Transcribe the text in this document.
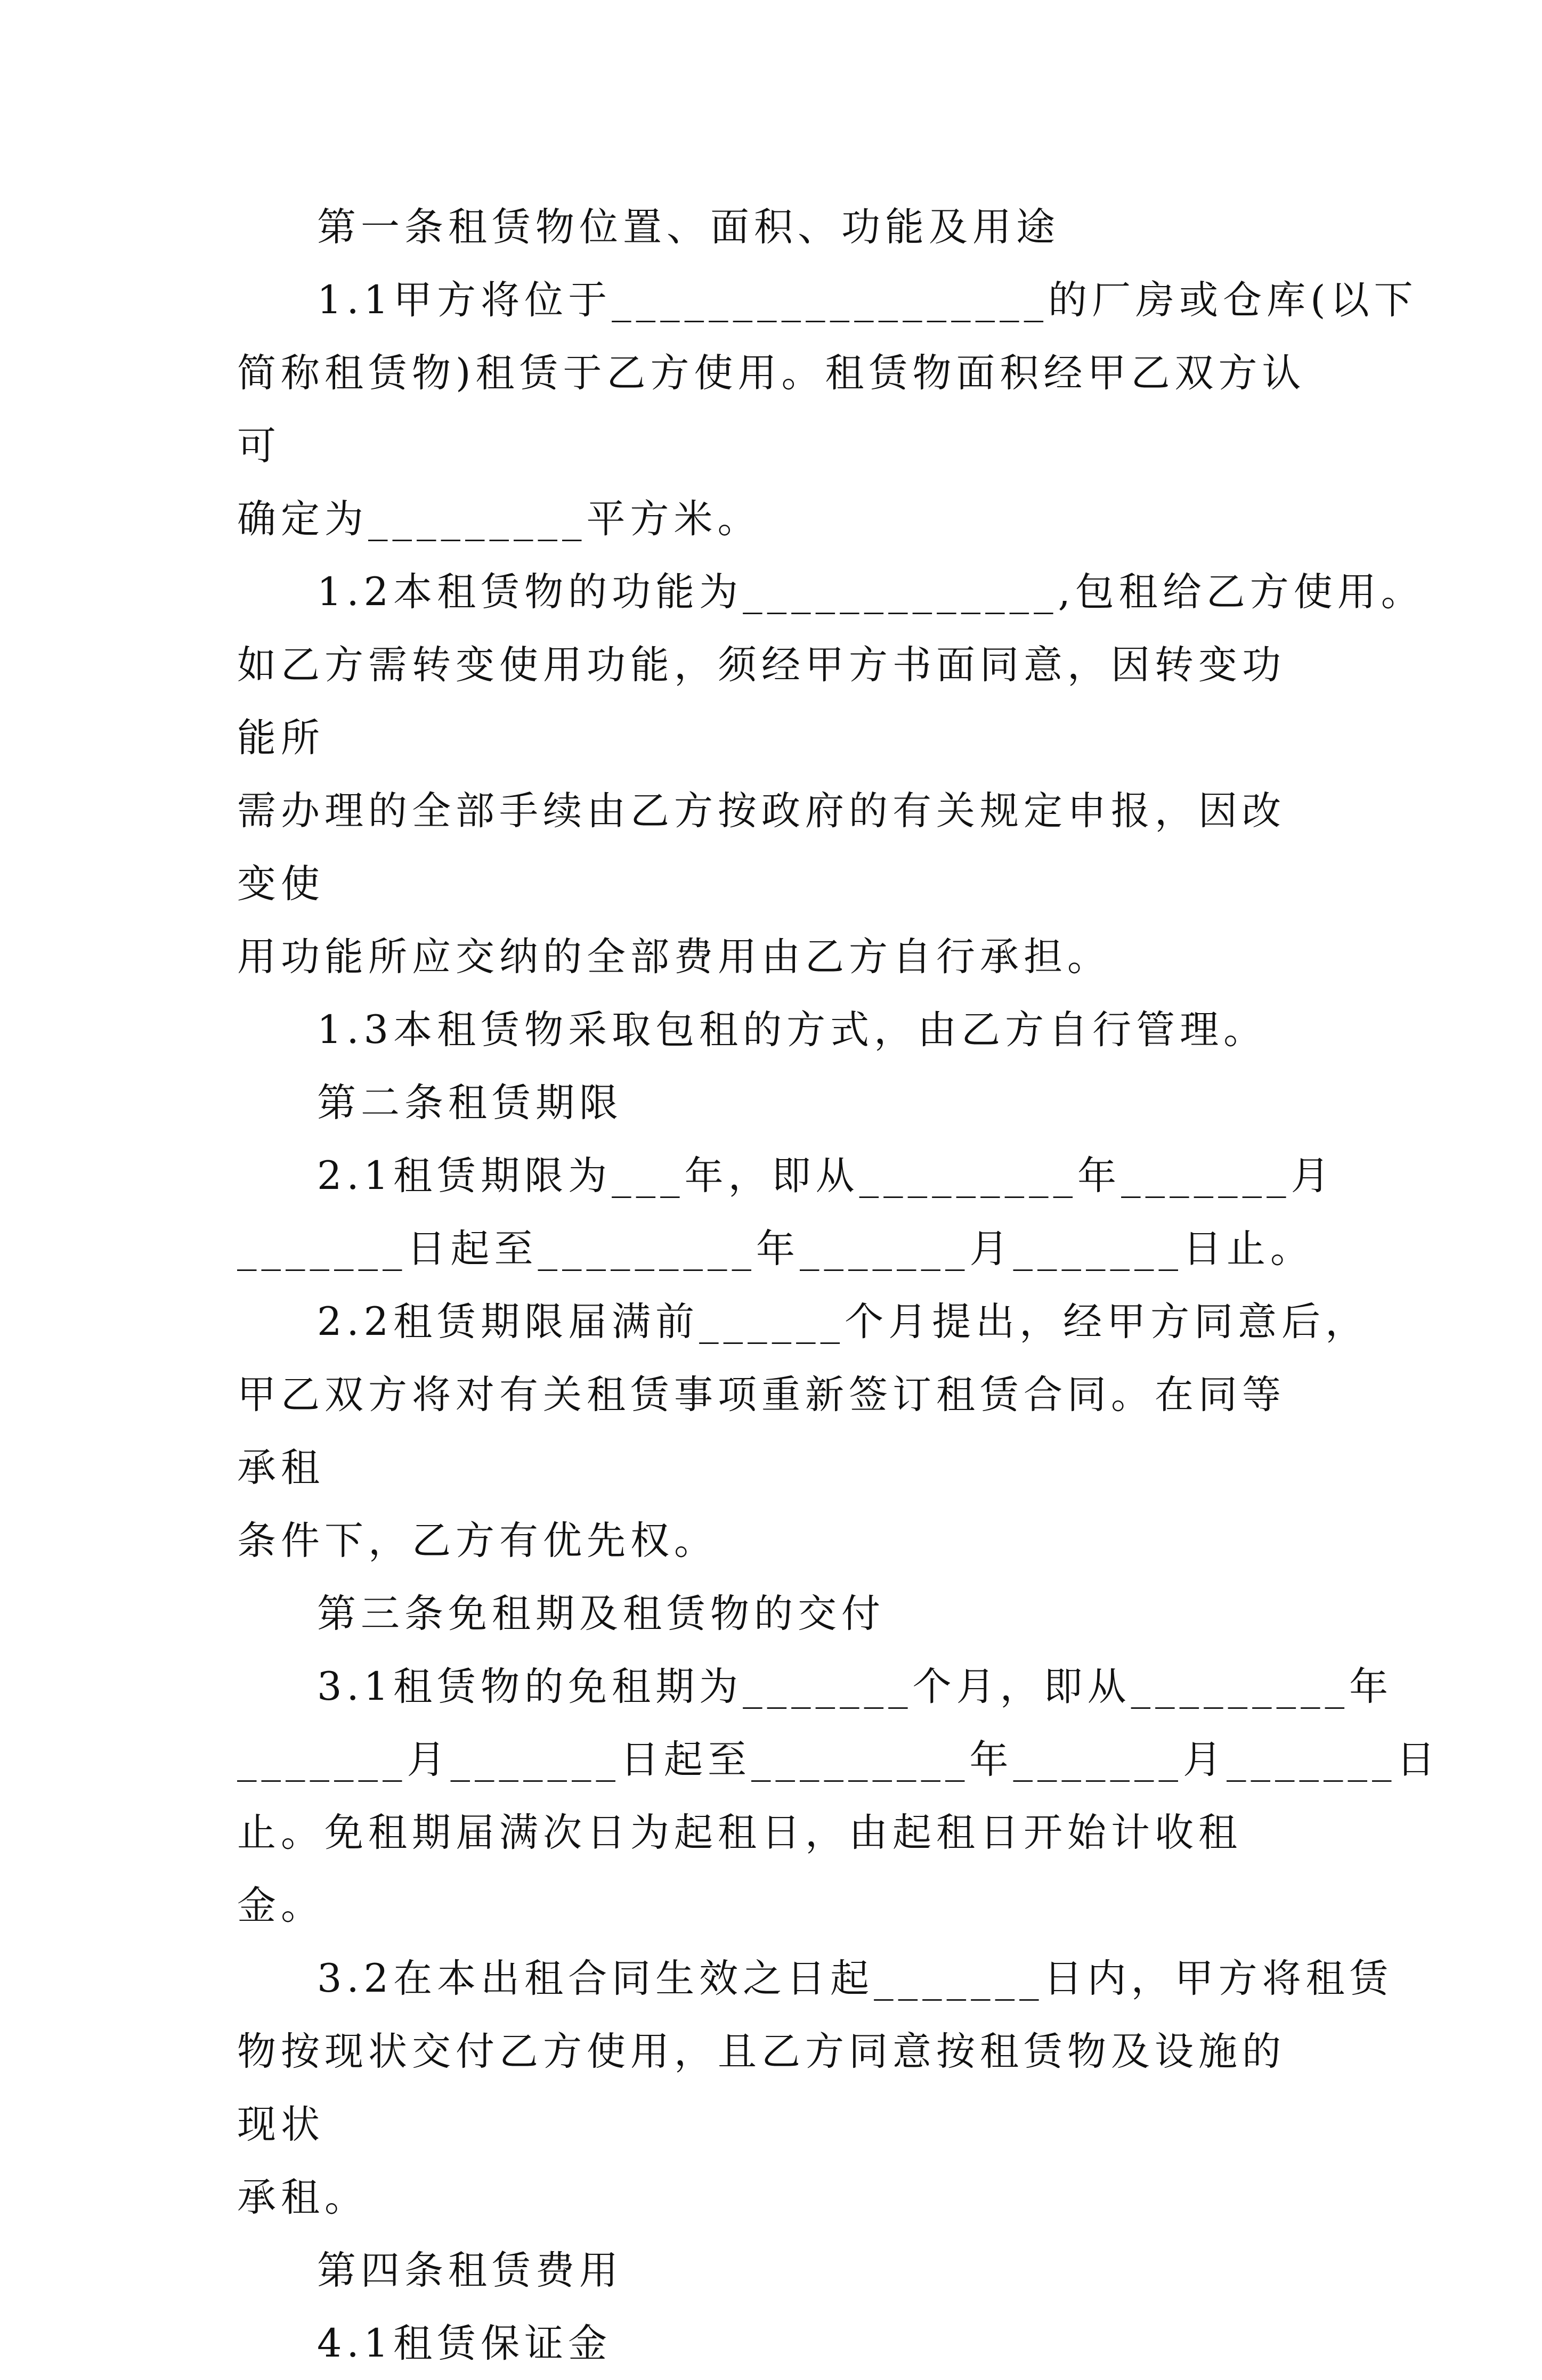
第一条租赁物位置、面积、功能及用途

1.1甲方将位于__________________的厂房或仓库(以下

简称租赁物)租赁于乙方使用。租赁物面积经甲乙双方认可

确定为_________平方米。

1.2本租赁物的功能为_____________,包租给乙方使用。

如乙方需转变使用功能，须经甲方书面同意，因转变功能所

需办理的全部手续由乙方按政府的有关规定申报，因改变使

用功能所应交纳的全部费用由乙方自行承担。

1.3本租赁物采取包租的方式，由乙方自行管理。

第二条租赁期限

2.1租赁期限为___年，即从_________年_______月

_______日起至_________年_______月_______日止。

2.2租赁期限届满前______个月提出，经甲方同意后，

甲乙双方将对有关租赁事项重新签订租赁合同。在同等承租

条件下，乙方有优先权。

第三条免租期及租赁物的交付

3.1租赁物的免租期为_______个月，即从_________年

_______月_______日起至_________年_______月_______日

止。免租期届满次日为起租日，由起租日开始计收租金。

3.2在本出租合同生效之日起_______日内，甲方将租赁

物按现状交付乙方使用，且乙方同意按租赁物及设施的现状

承租。

第四条租赁费用

4.1租赁保证金
